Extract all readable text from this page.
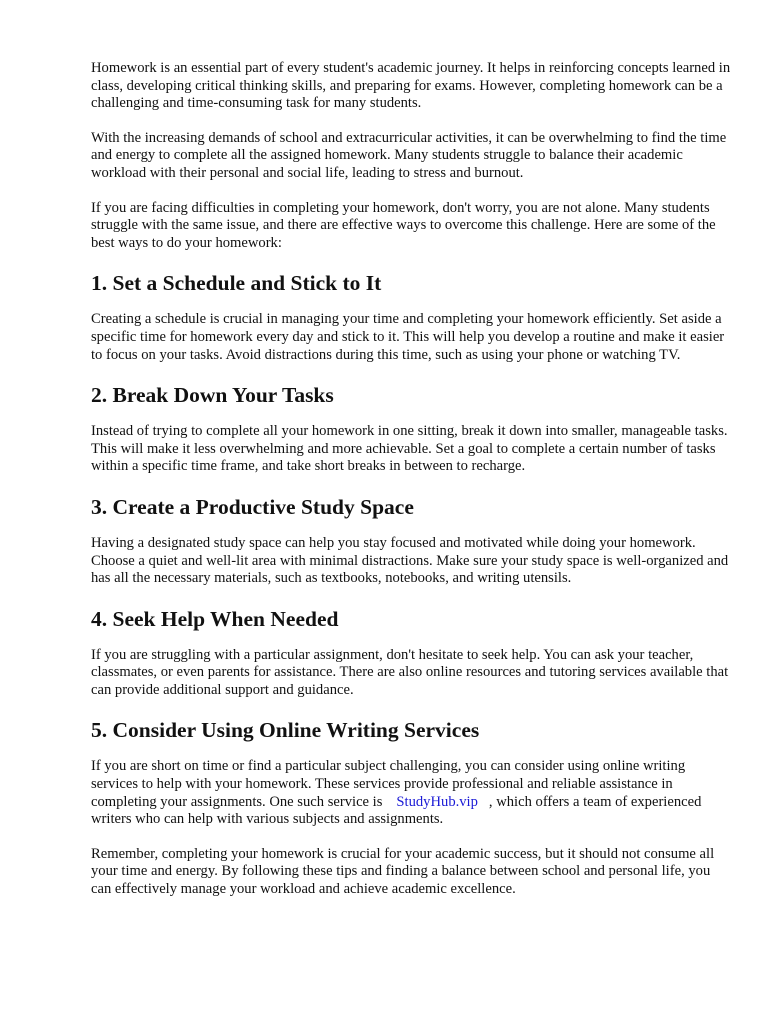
Homework is an essential part of every student's academic journey. It helps in reinforcing concepts learned in class, developing critical thinking skills, and preparing for exams. However, completing homework can be a challenging and time-consuming task for many students.

With the increasing demands of school and extracurricular activities, it can be overwhelming to find the time and energy to complete all the assigned homework. Many students struggle to balance their academic workload with their personal and social life, leading to stress and burnout.

If you are facing difficulties in completing your homework, don't worry, you are not alone. Many students struggle with the same issue, and there are effective ways to overcome this challenge. Here are some of the best ways to do your homework:

1. Set a Schedule and Stick to It

Creating a schedule is crucial in managing your time and completing your homework efficiently. Set aside a specific time for homework every day and stick to it. This will help you develop a routine and make it easier to focus on your tasks. Avoid distractions during this time, such as using your phone or watching TV.

2. Break Down Your Tasks

Instead of trying to complete all your homework in one sitting, break it down into smaller, manageable tasks. This will make it less overwhelming and more achievable. Set a goal to complete a certain number of tasks within a specific time frame, and take short breaks in between to recharge.

3. Create a Productive Study Space

Having a designated study space can help you stay focused and motivated while doing your homework. Choose a quiet and well-lit area with minimal distractions. Make sure your study space is well-organized and has all the necessary materials, such as textbooks, notebooks, and writing utensils.

4. Seek Help When Needed

If you are struggling with a particular assignment, don't hesitate to seek help. You can ask your teacher, classmates, or even parents for assistance. There are also online resources and tutoring services available that can provide additional support and guidance.

5. Consider Using Online Writing Services

If you are short on time or find a particular subject challenging, you can consider using online writing services to help with your homework. These services provide professional and reliable assistance in completing your assignments. One such service is StudyHub.vip , which offers a team of experienced writers who can help with various subjects and assignments.

Remember, completing your homework is crucial for your academic success, but it should not consume all your time and energy. By following these tips and finding a balance between school and personal life, you can effectively manage your workload and achieve academic excellence.
